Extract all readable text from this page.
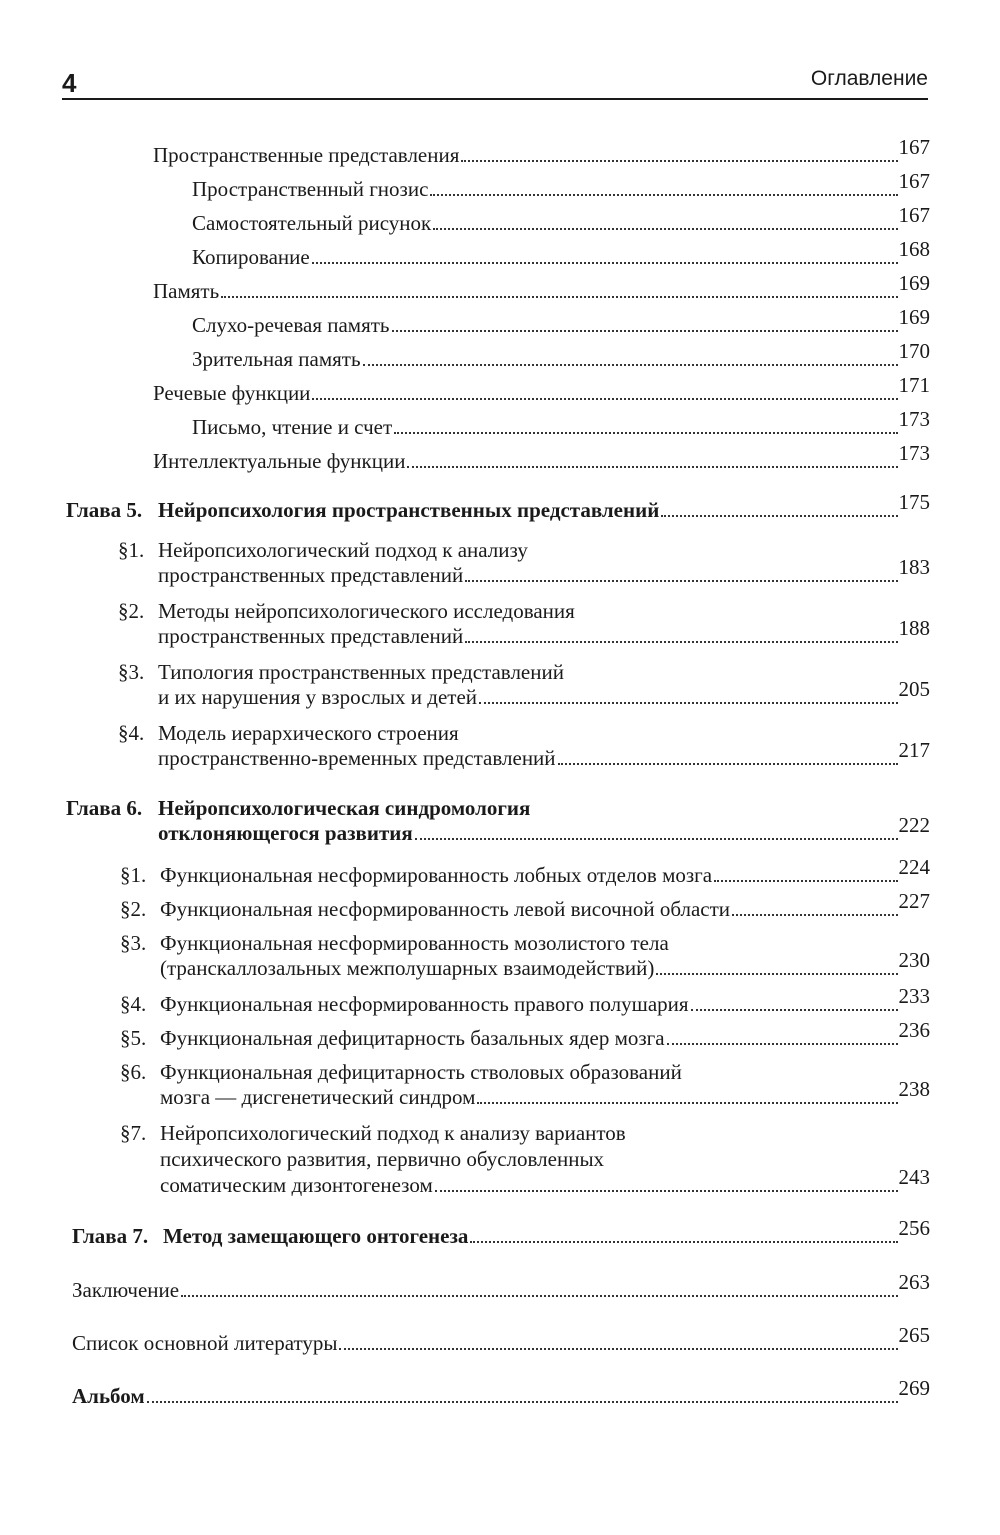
4	Оглавление
Пространственные представления	167
Пространственный гнозис	167
Самостоятельный рисунок	167
Копирование	168
Память	169
Слухо-речевая память	169
Зрительная память	170
Речевые функции	171
Письмо, чтение и счет	173
Интеллектуальные функции	173
Глава 5. Нейропсихология пространственных представлений	175
§1. Нейропсихологический подход к анализу
пространственных представлений	183
§2. Методы нейропсихологического исследования
пространственных представлений	188
§3. Типология пространственных представлений
и их нарушения у взрослых и детей	205
§4. Модель иерархического строения
пространственно-временных представлений	217
Глава 6. Нейропсихологическая синдромология
отклоняющегося развития	222
§1. Функциональная несформированность лобных отделов мозга	224
§2. Функциональная несформированность левой височной области	227
§3. Функциональная несформированность мозолистого тела
(транскаллозальных межполушарных взаимодействий)	230
§4. Функциональная несформированность правого полушария	233
§5. Функциональная дефицитарность базальных ядер мозга	236
§6. Функциональная дефицитарность стволовых образований
мозга — дисгенетический синдром	238
§7. Нейропсихологический подход к анализу вариантов
психического развития, первично обусловленных
соматическим дизонтогенезом	243
Глава 7. Метод замещающего онтогенеза	256
Заключение	263
Список основной литературы	265
Альбом	269
